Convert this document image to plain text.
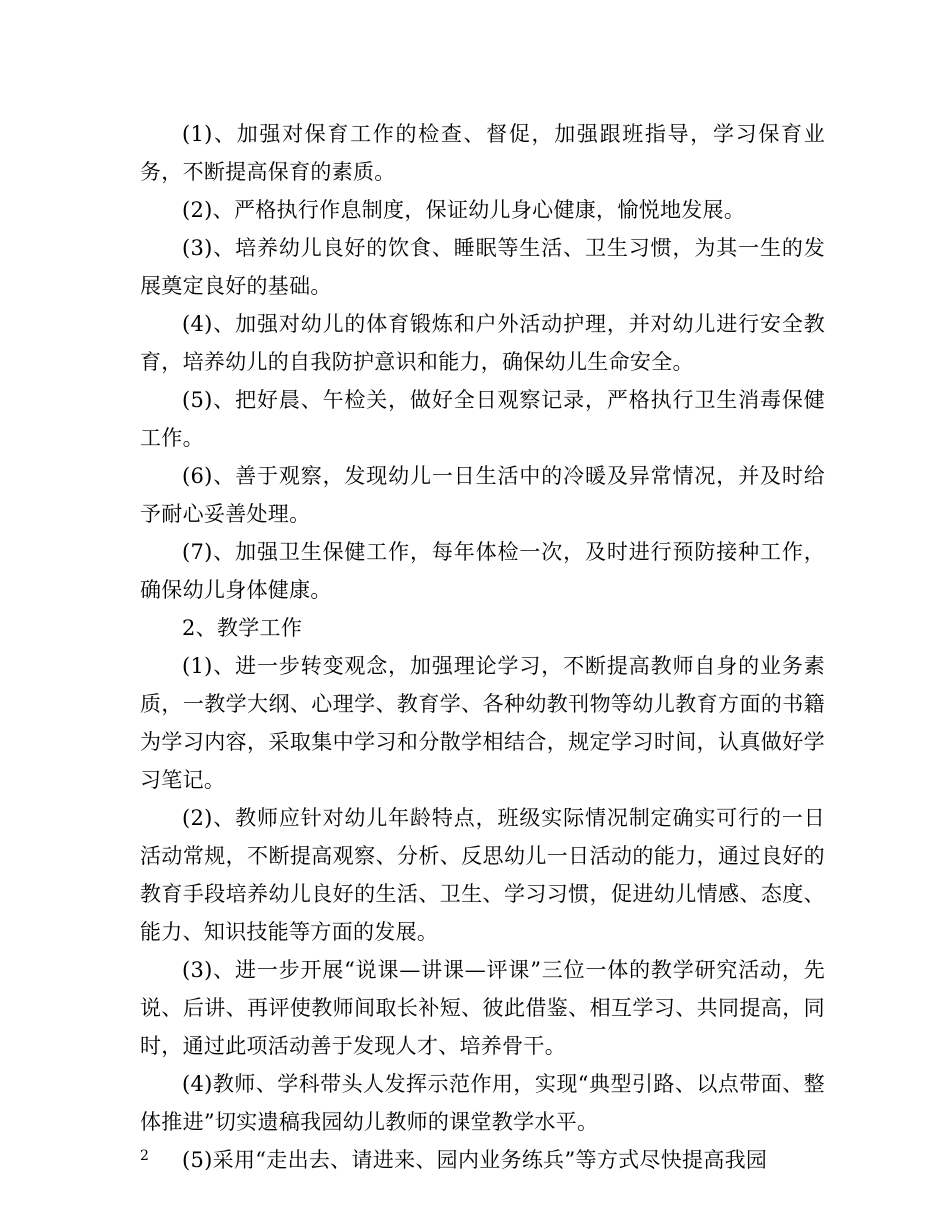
(1)、加强对保育工作的检查、督促，加强跟班指导，学习保育业务，不断提高保育的素质。

(2)、严格执行作息制度，保证幼儿身心健康，愉悦地发展。

(3)、培养幼儿良好的饮食、睡眠等生活、卫生习惯，为其一生的发展奠定良好的基础。

(4)、加强对幼儿的体育锻炼和户外活动护理，并对幼儿进行安全教育，培养幼儿的自我防护意识和能力，确保幼儿生命安全。

(5)、把好晨、午检关，做好全日观察记录，严格执行卫生消毒保健工作。

(6)、善于观察，发现幼儿一日生活中的冷暖及异常情况，并及时给予耐心妥善处理。

(7)、加强卫生保健工作，每年体检一次，及时进行预防接种工作，确保幼儿身体健康。

2、教学工作

(1)、进一步转变观念，加强理论学习，不断提高教师自身的业务素质，一教学大纲、心理学、教育学、各种幼教刊物等幼儿教育方面的书籍为学习内容，采取集中学习和分散学相结合，规定学习时间，认真做好学习笔记。

(2)、教师应针对幼儿年龄特点，班级实际情况制定确实可行的一日活动常规，不断提高观察、分析、反思幼儿一日活动的能力，通过良好的教育手段培养幼儿良好的生活、卫生、学习习惯，促进幼儿情感、态度、能力、知识技能等方面的发展。

(3)、进一步开展“说课—讲课—评课”三位一体的教学研究活动，先说、后讲、再评使教师间取长补短、彼此借鉴、相互学习、共同提高，同时，通过此项活动善于发现人才、培养骨干。

(4)教师、学科带头人发挥示范作用，实现“典型引路、以点带面、整体推进”切实遗稿我园幼儿教师的课堂教学水平。

(5)采用“走出去、请进来、园内业务练兵”等方式尽快提高我园

2
